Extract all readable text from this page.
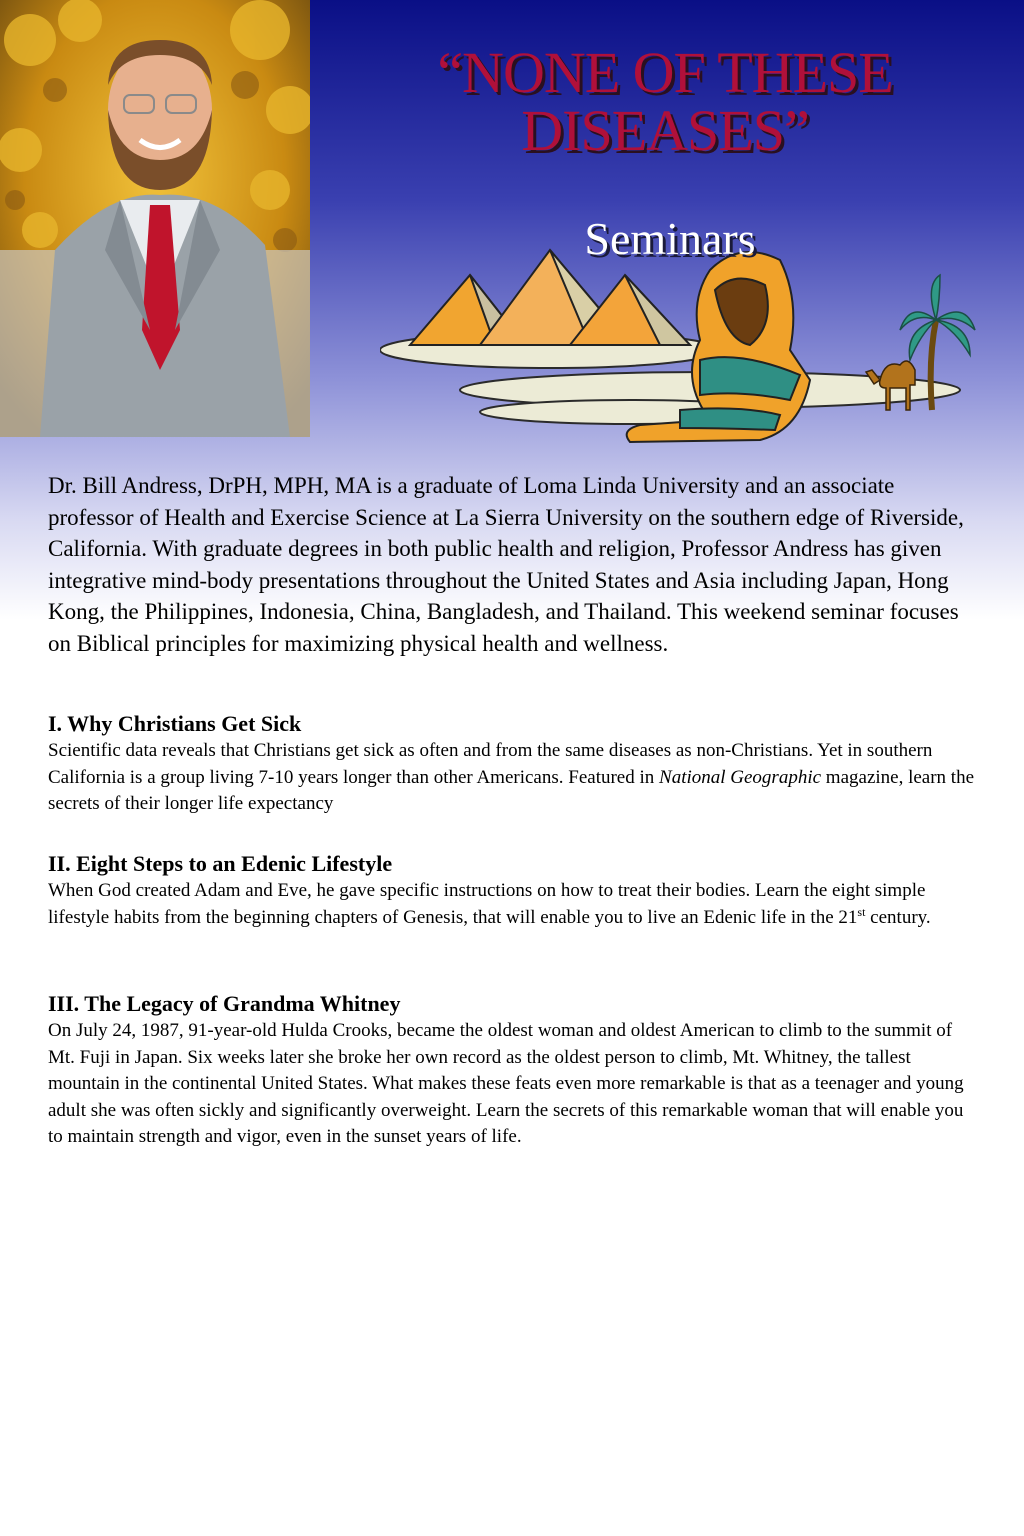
“NONE OF THESE
DISEASES”
Seminars
Dr. Bill Andress, DrPH, MPH, MA is a graduate of Loma Linda University and an associate professor of Health and Exercise Science at La Sierra University on the southern edge of Riverside, California. With graduate degrees in both public health and religion, Professor Andress has given integrative mind-body presentations throughout the United States and Asia including Japan, Hong Kong, the Philippines, Indonesia, China, Bangladesh, and Thailand. This weekend seminar focuses on Biblical principles for maximizing physical health and wellness.
I. Why Christians Get Sick

Scientific data reveals that Christians get sick as often and from the same diseases as non-Christians. Yet in southern California is a group living 7-10 years longer than other Americans. Featured in National Geographic magazine, learn the secrets of their longer life expectancy

II. Eight Steps to an Edenic Lifestyle

When God created Adam and Eve, he gave specific instructions on how to treat their bodies. Learn the eight simple lifestyle habits from the beginning chapters of Genesis, that will enable you to live an Edenic life in the 21st century.

III. The Legacy of Grandma Whitney

On July 24, 1987, 91-year-old Hulda Crooks, became the oldest woman and oldest American to climb to the summit of Mt. Fuji in Japan. Six weeks later she broke her own record as the oldest person to climb, Mt. Whitney, the tallest mountain in the continental United States. What makes these feats even more remarkable is that as a teenager and young adult she was often sickly and significantly overweight. Learn the secrets of this remarkable woman that will enable you to maintain strength and vigor, even in the sunset years of life.
